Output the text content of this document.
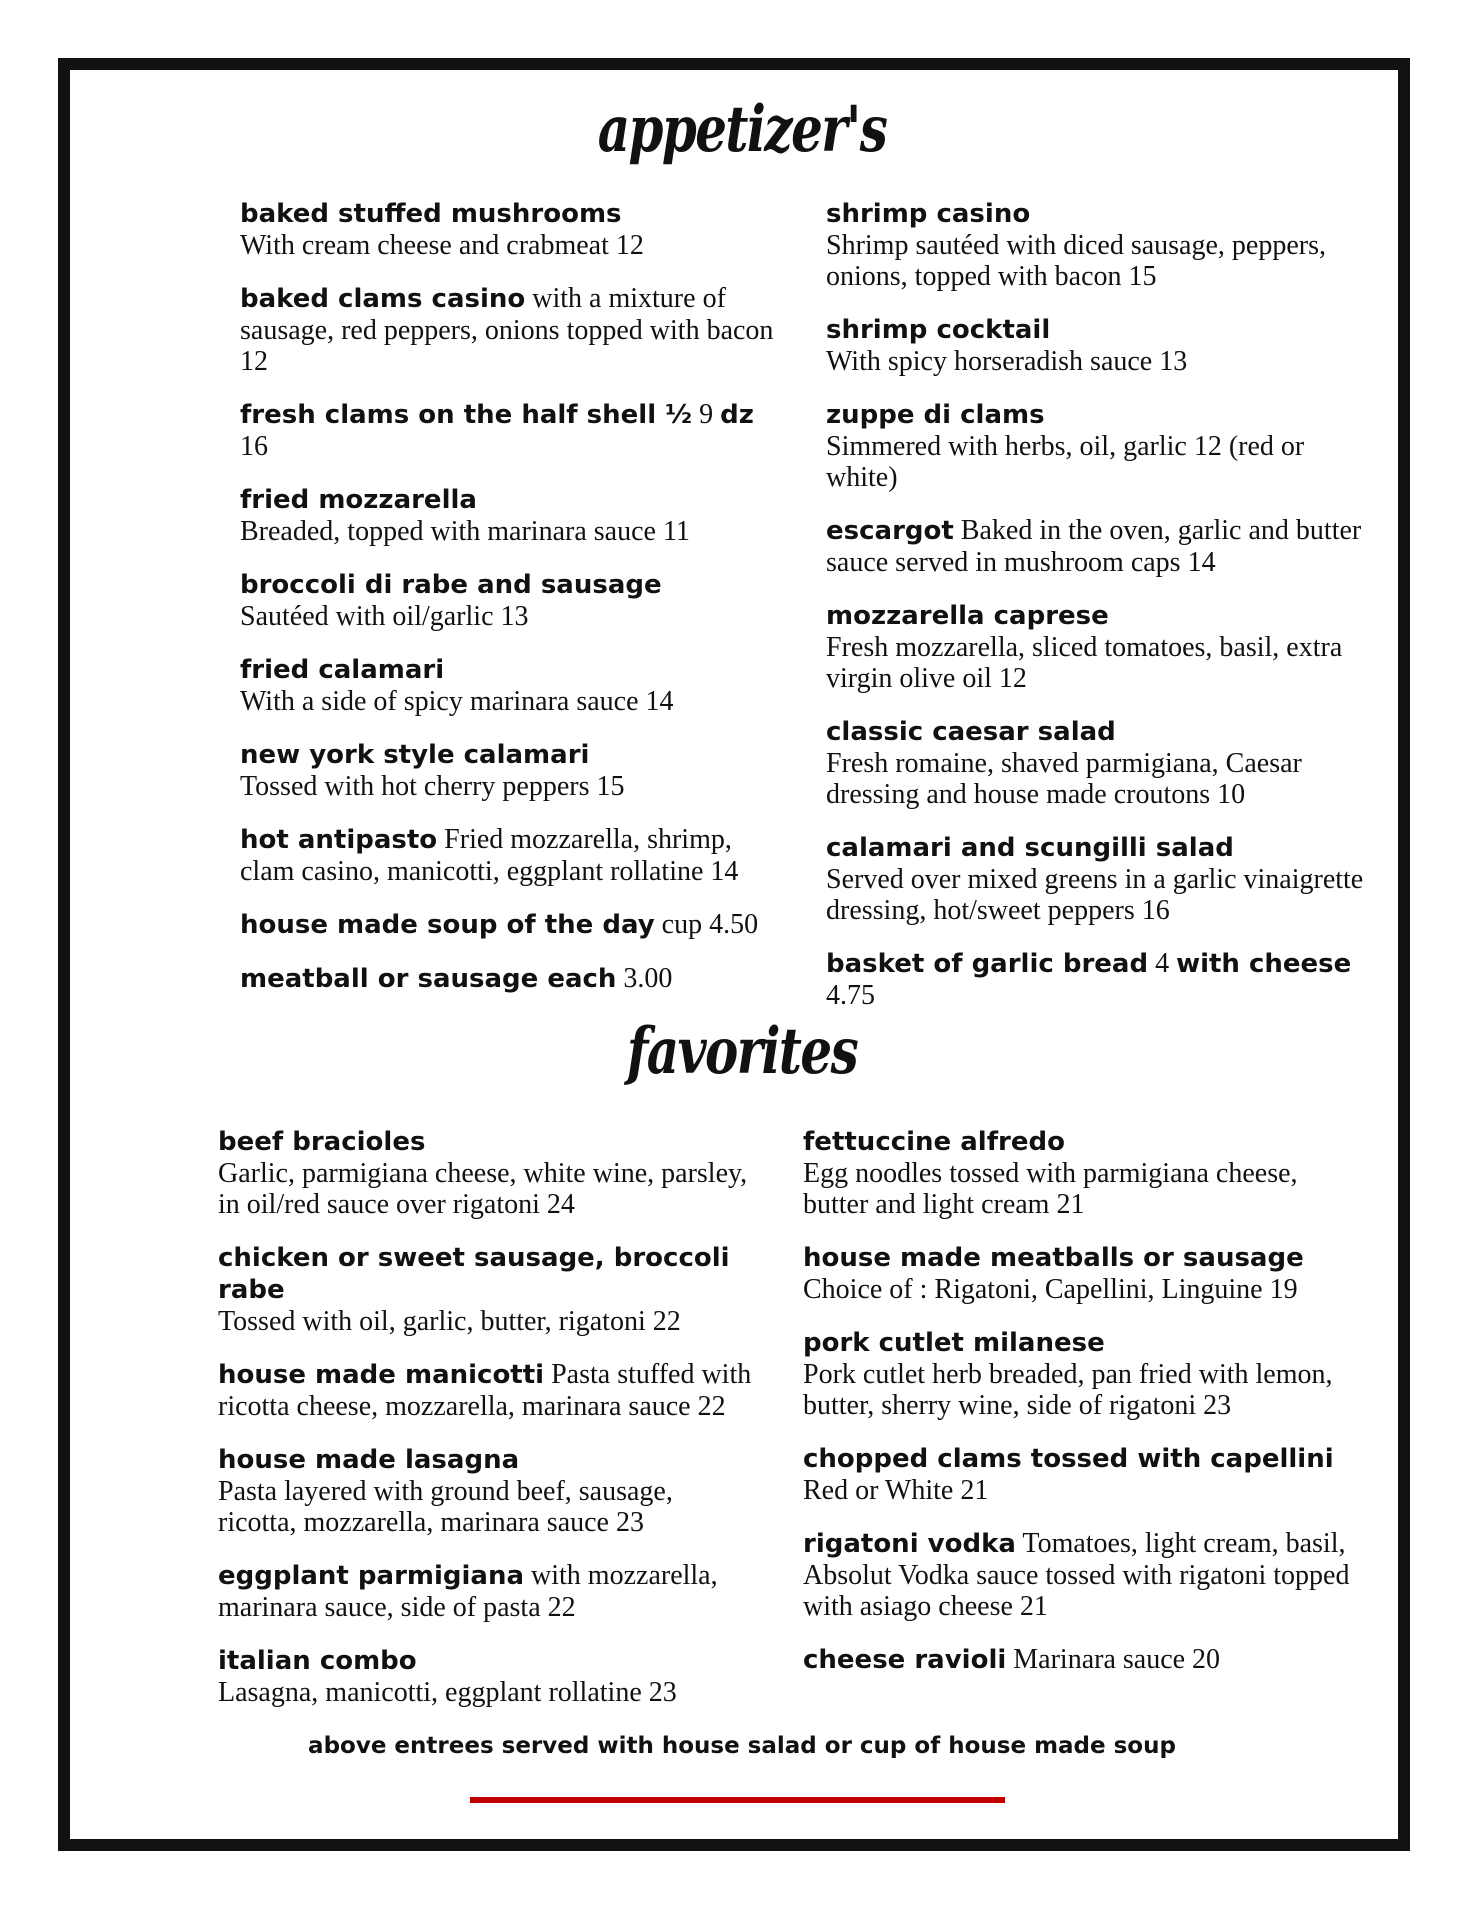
appetizer's
baked stuffed mushrooms
With cream cheese and crabmeat 12
baked clams casino with a mixture of sausage, red peppers, onions topped with bacon 12
fresh clams on the half shell ½ 9 dz 16
fried mozzarella
Breaded, topped with marinara sauce 11
broccoli di rabe and sausage
Sautéed with oil/garlic 13
fried calamari
With a side of spicy marinara sauce 14
new york style calamari
Tossed with hot cherry peppers 15
hot antipasto Fried mozzarella, shrimp, clam casino, manicotti, eggplant rollatine 14
house made soup of the day cup 4.50
meatball or sausage each 3.00
shrimp casino
Shrimp sautéed with diced sausage, peppers, onions, topped with bacon 15
shrimp cocktail
With spicy horseradish sauce 13
zuppe di clams
Simmered with herbs, oil, garlic 12 (red or white)
escargot Baked in the oven, garlic and butter sauce served in mushroom caps 14
mozzarella caprese
Fresh mozzarella, sliced tomatoes, basil, extra virgin olive oil 12
classic caesar salad
Fresh romaine, shaved parmigiana, Caesar dressing and house made croutons 10
calamari and scungilli salad
Served over mixed greens in a garlic vinaigrette dressing, hot/sweet peppers 16
basket of garlic bread 4 with cheese 4.75
favorites
beef bracioles
Garlic, parmigiana cheese, white wine, parsley, in oil/red sauce over rigatoni 24
chicken or sweet sausage, broccoli rabe
Tossed with oil, garlic, butter, rigatoni 22
house made manicotti Pasta stuffed with ricotta cheese, mozzarella, marinara sauce 22
house made lasagna
Pasta layered with ground beef, sausage, ricotta, mozzarella, marinara sauce 23
eggplant parmigiana with mozzarella, marinara sauce, side of pasta 22
italian combo
Lasagna, manicotti, eggplant rollatine 23
fettuccine alfredo
Egg noodles tossed with parmigiana cheese, butter and light cream 21
house made meatballs or sausage
Choice of : Rigatoni, Capellini, Linguine 19
pork cutlet milanese
Pork cutlet herb breaded, pan fried with lemon, butter, sherry wine, side of rigatoni 23
chopped clams tossed with capellini
Red or White 21
rigatoni vodka Tomatoes, light cream, basil, Absolut Vodka sauce tossed with rigatoni topped with asiago cheese 21
cheese ravioli Marinara sauce 20
above entrees served with house salad or cup of house made soup
